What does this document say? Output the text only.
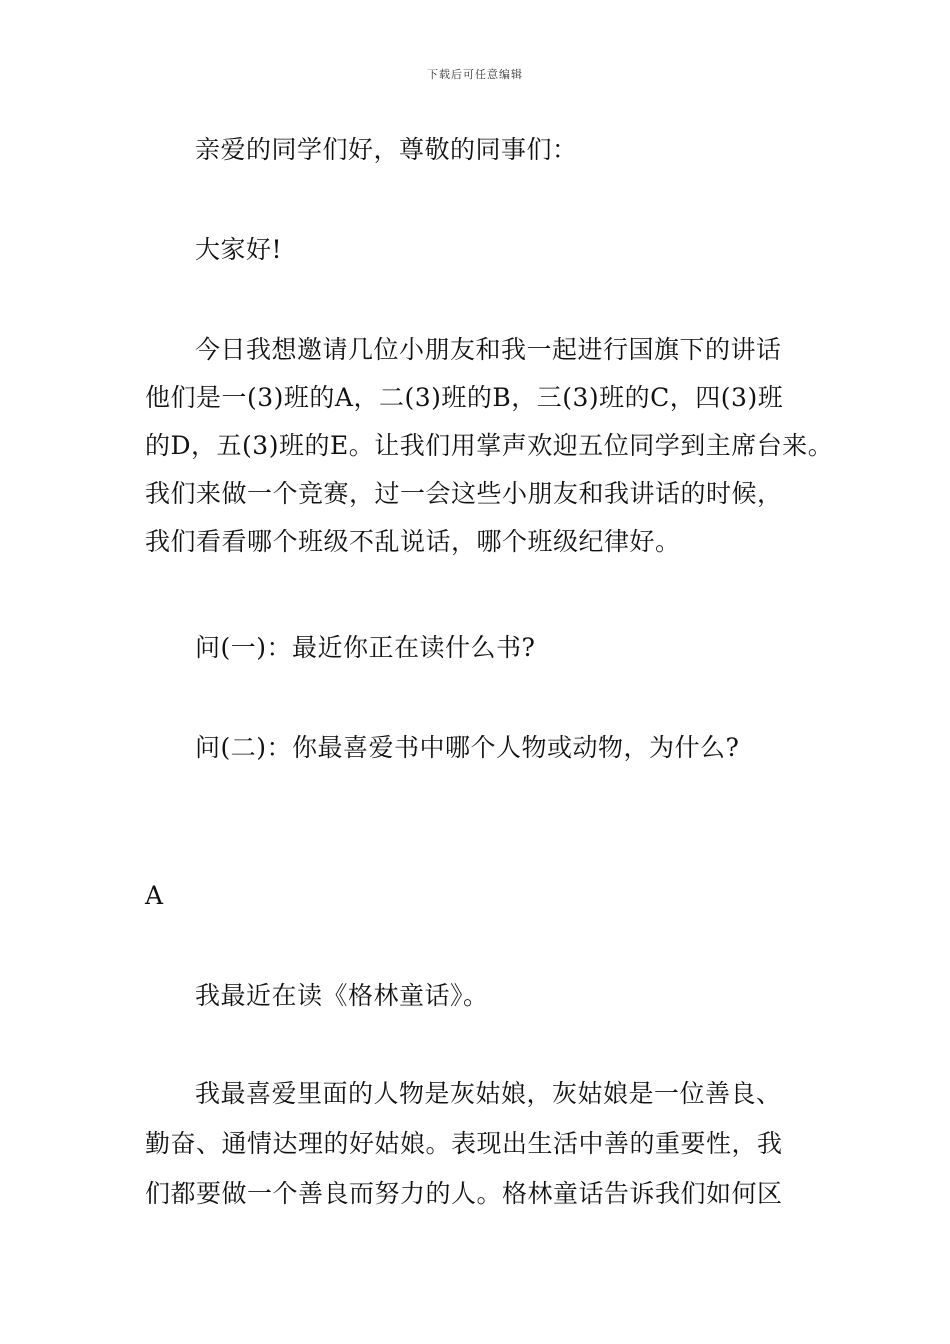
下载后可任意编辑
亲爱的同学们好，尊敬的同事们：
大家好!
今日我想邀请几位小朋友和我一起进行国旗下的讲话
他们是一(3)班的A，二(3)班的B，三(3)班的C，四(3)班
的D，五(3)班的E。让我们用掌声欢迎五位同学到主席台来。
我们来做一个竞赛，过一会这些小朋友和我讲话的时候，
我们看看哪个班级不乱说话，哪个班级纪律好。
问(一)：最近你正在读什么书?
问(二)：你最喜爱书中哪个人物或动物，为什么?
A
我最近在读《格林童话》。
我最喜爱里面的人物是灰姑娘，灰姑娘是一位善良、
勤奋、通情达理的好姑娘。表现出生活中善的重要性，我
们都要做一个善良而努力的人。格林童话告诉我们如何区
